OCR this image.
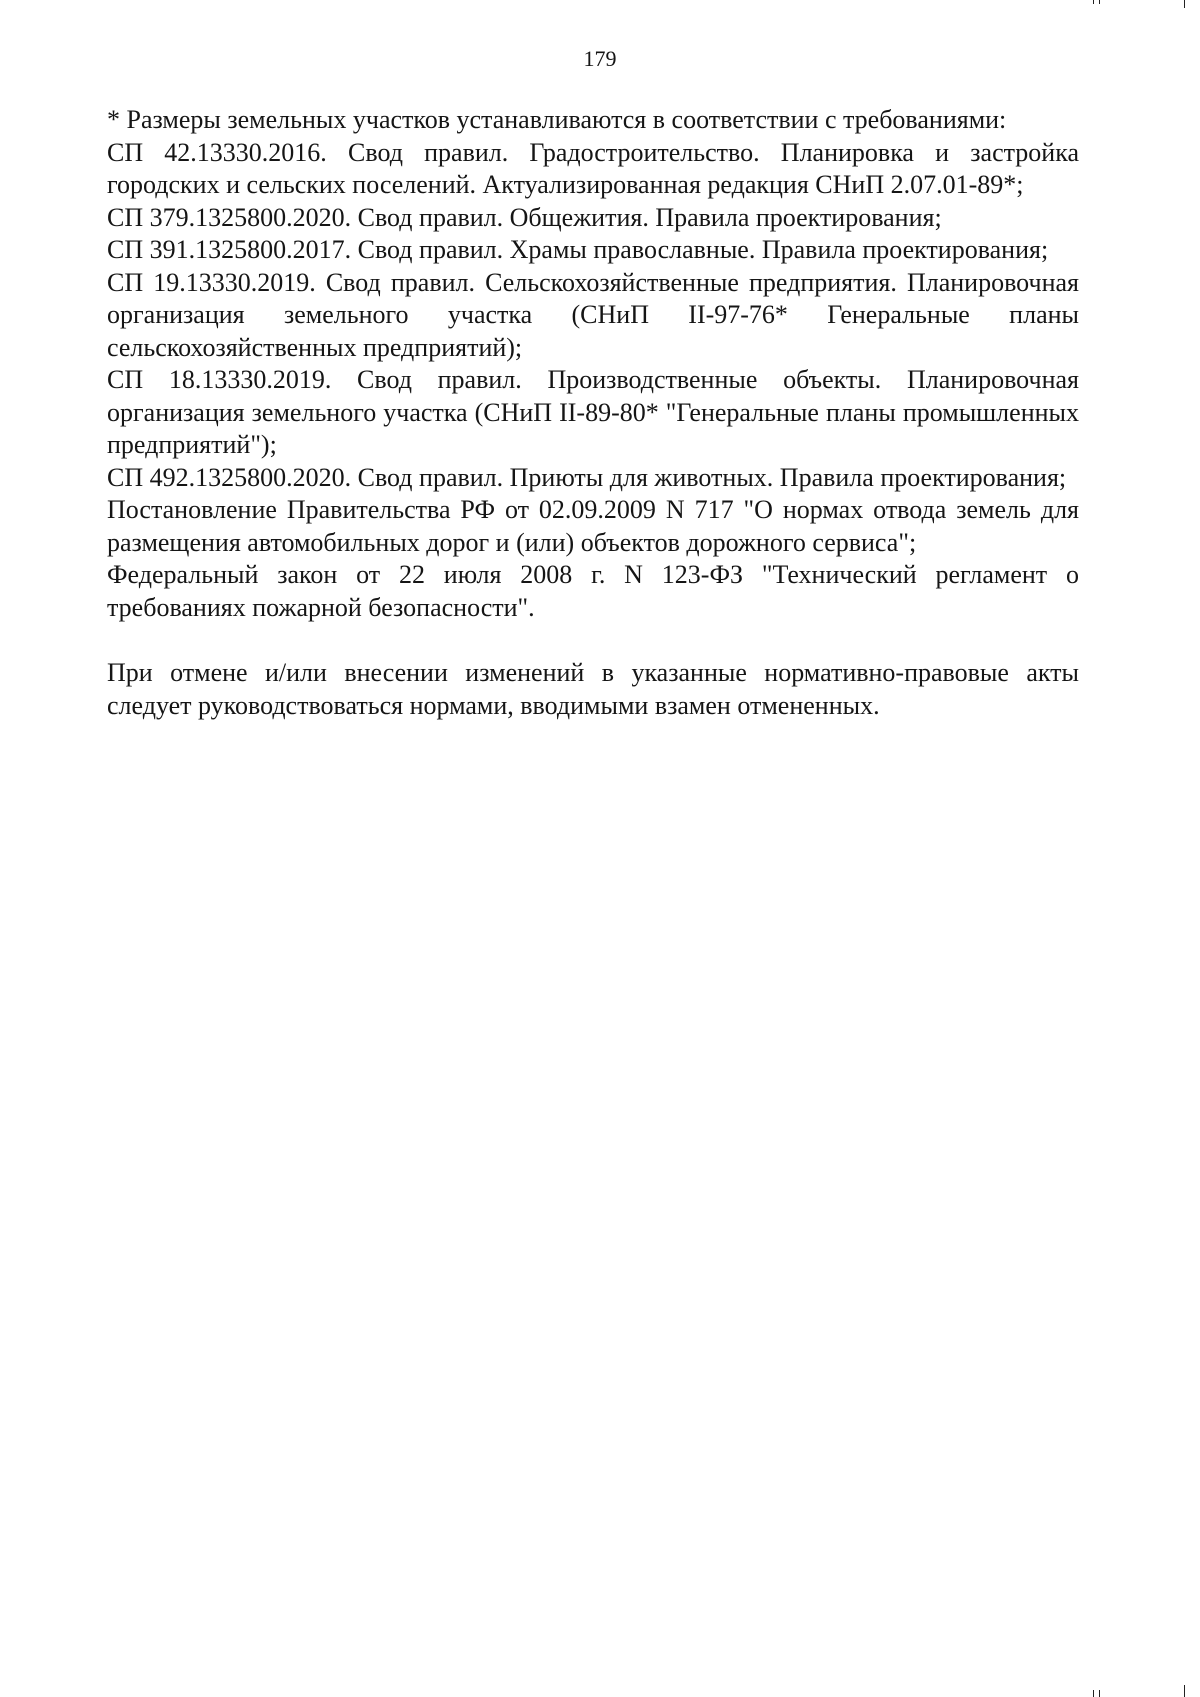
179

* Размеры земельных участков устанавливаются в соответствии с требованиями:

СП 42.13330.2016. Свод правил. Градостроительство. Планировка и застройка городских и сельских поселений. Актуализированная редакция СНиП 2.07.01-89*;

СП 379.1325800.2020. Свод правил. Общежития. Правила проектирования;

СП 391.1325800.2017. Свод правил. Храмы православные. Правила проектирования;

СП 19.13330.2019. Свод правил. Сельскохозяйственные предприятия. Планировочная организация земельного участка (СНиП II-97-76* Генеральные планы сельскохозяйственных предприятий);

СП 18.13330.2019. Свод правил. Производственные объекты. Планировочная организация земельного участка (СНиП II-89-80* "Генеральные планы промышленных предприятий");

СП 492.1325800.2020. Свод правил. Приюты для животных. Правила проектирования;

Постановление Правительства РФ от 02.09.2009 N 717 "О нормах отвода земель для размещения автомобильных дорог и (или) объектов дорожного сервиса";

Федеральный закон от 22 июля 2008 г. N 123-ФЗ "Технический регламент о требованиях пожарной безопасности".

При отмене и/или внесении изменений в указанные нормативно-правовые акты следует руководствоваться нормами, вводимыми взамен отмененных.
